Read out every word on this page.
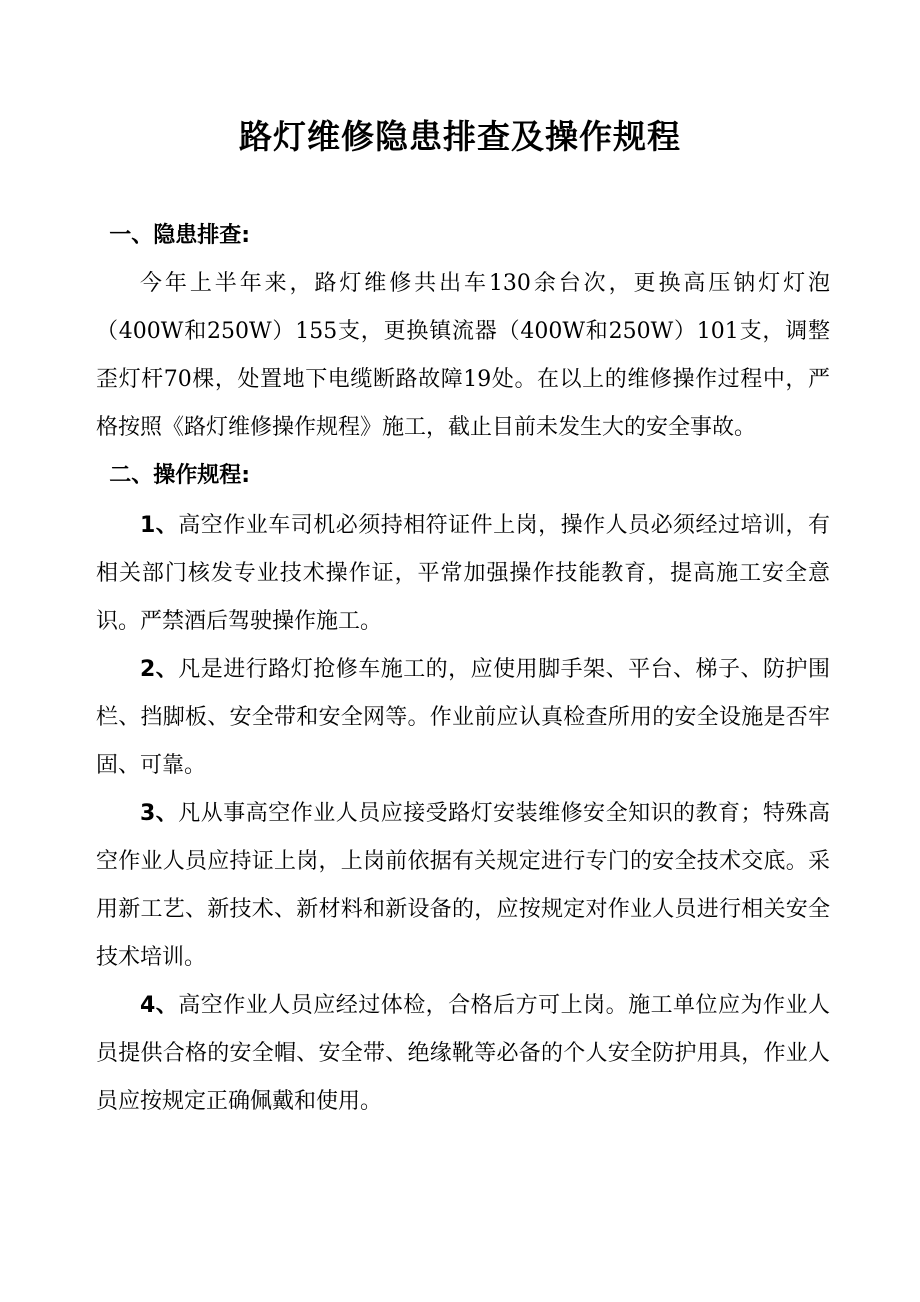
路灯维修隐患排查及操作规程

一、隐患排查:

今年上半年来，路灯维修共出车130余台次，更换高压钠灯灯泡（400W和250W）155支，更换镇流器（400W和250W）101支，调整歪灯杆70棵，处置地下电缆断路故障19处。在以上的维修操作过程中，严格按照《路灯维修操作规程》施工，截止目前未发生大的安全事故。

二、操作规程:

1、高空作业车司机必须持相符证件上岗，操作人员必须经过培训，有相关部门核发专业技术操作证，平常加强操作技能教育，提高施工安全意识。严禁酒后驾驶操作施工。

2、凡是进行路灯抢修车施工的，应使用脚手架、平台、梯子、防护围栏、挡脚板、安全带和安全网等。作业前应认真检查所用的安全设施是否牢固、可靠。

3、凡从事高空作业人员应接受路灯安装维修安全知识的教育；特殊高空作业人员应持证上岗，上岗前依据有关规定进行专门的安全技术交底。采用新工艺、新技术、新材料和新设备的，应按规定对作业人员进行相关安全技术培训。

4、高空作业人员应经过体检，合格后方可上岗。施工单位应为作业人员提供合格的安全帽、安全带、绝缘靴等必备的个人安全防护用具，作业人员应按规定正确佩戴和使用。
